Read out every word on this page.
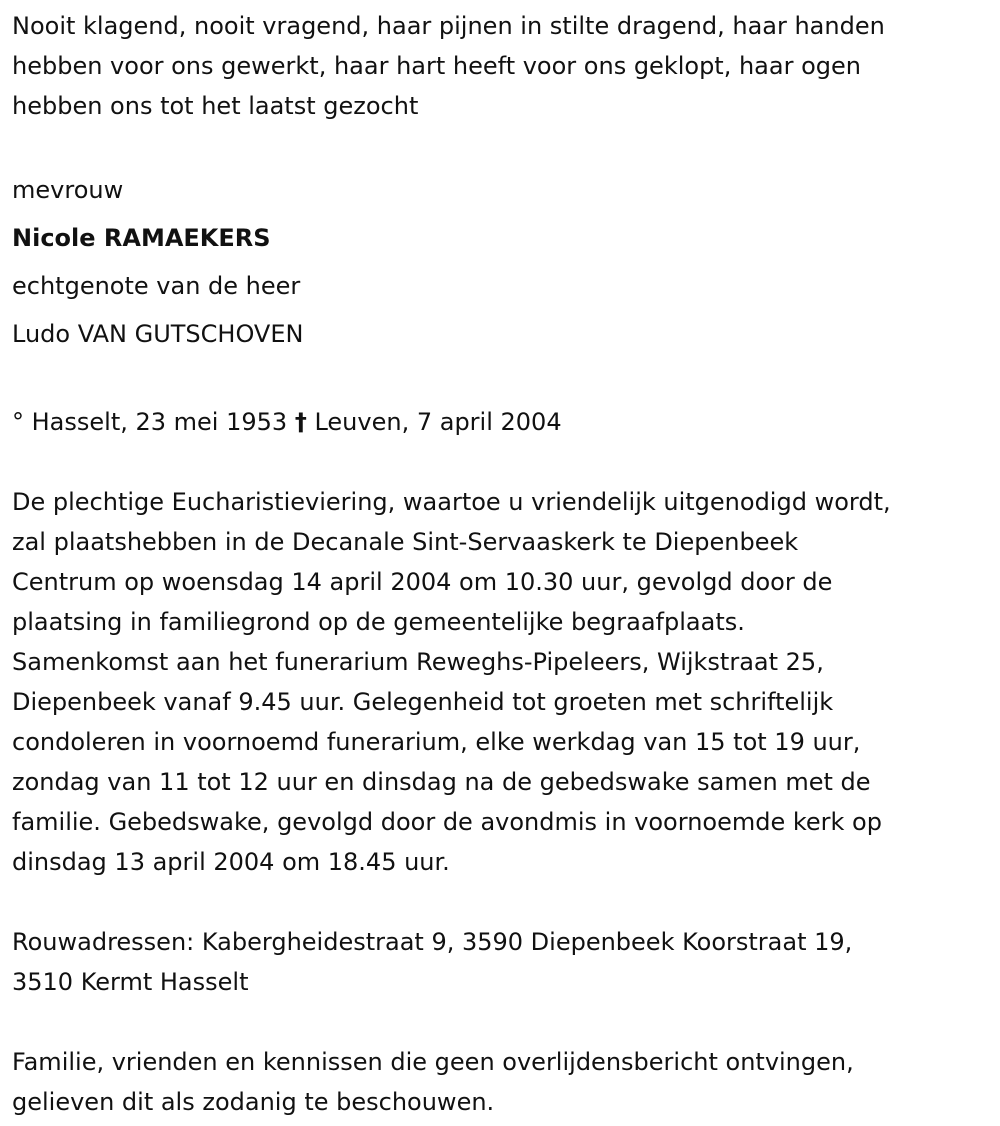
Nooit klagend, nooit vragend, haar pijnen in stilte dragend, haar handen

hebben voor ons gewerkt, haar hart heeft voor ons geklopt, haar ogen

hebben ons tot het laatst gezocht

mevrouw

Nicole RAMAEKERS

echtgenote van de heer

Ludo VAN GUTSCHOVEN

° Hasselt, 23 mei 1953 † Leuven, 7 april 2004

De plechtige Eucharistieviering, waartoe u vriendelijk uitgenodigd wordt,

zal plaatshebben in de Decanale Sint-Servaaskerk te Diepenbeek

Centrum op woensdag 14 april 2004 om 10.30 uur, gevolgd door de

plaatsing in familiegrond op de gemeentelijke begraafplaats.

Samenkomst aan het funerarium Reweghs-Pipeleers, Wijkstraat 25,

Diepenbeek vanaf 9.45 uur. Gelegenheid tot groeten met schriftelijk

condoleren in voornoemd funerarium, elke werkdag van 15 tot 19 uur,

zondag van 11 tot 12 uur en dinsdag na de gebedswake samen met de

familie. Gebedswake, gevolgd door de avondmis in voornoemde kerk op

dinsdag 13 april 2004 om 18.45 uur.

Rouwadressen: Kabergheidestraat 9, 3590 Diepenbeek Koorstraat 19,

3510 Kermt Hasselt

Familie, vrienden en kennissen die geen overlijdensbericht ontvingen,

gelieven dit als zodanig te beschouwen.
